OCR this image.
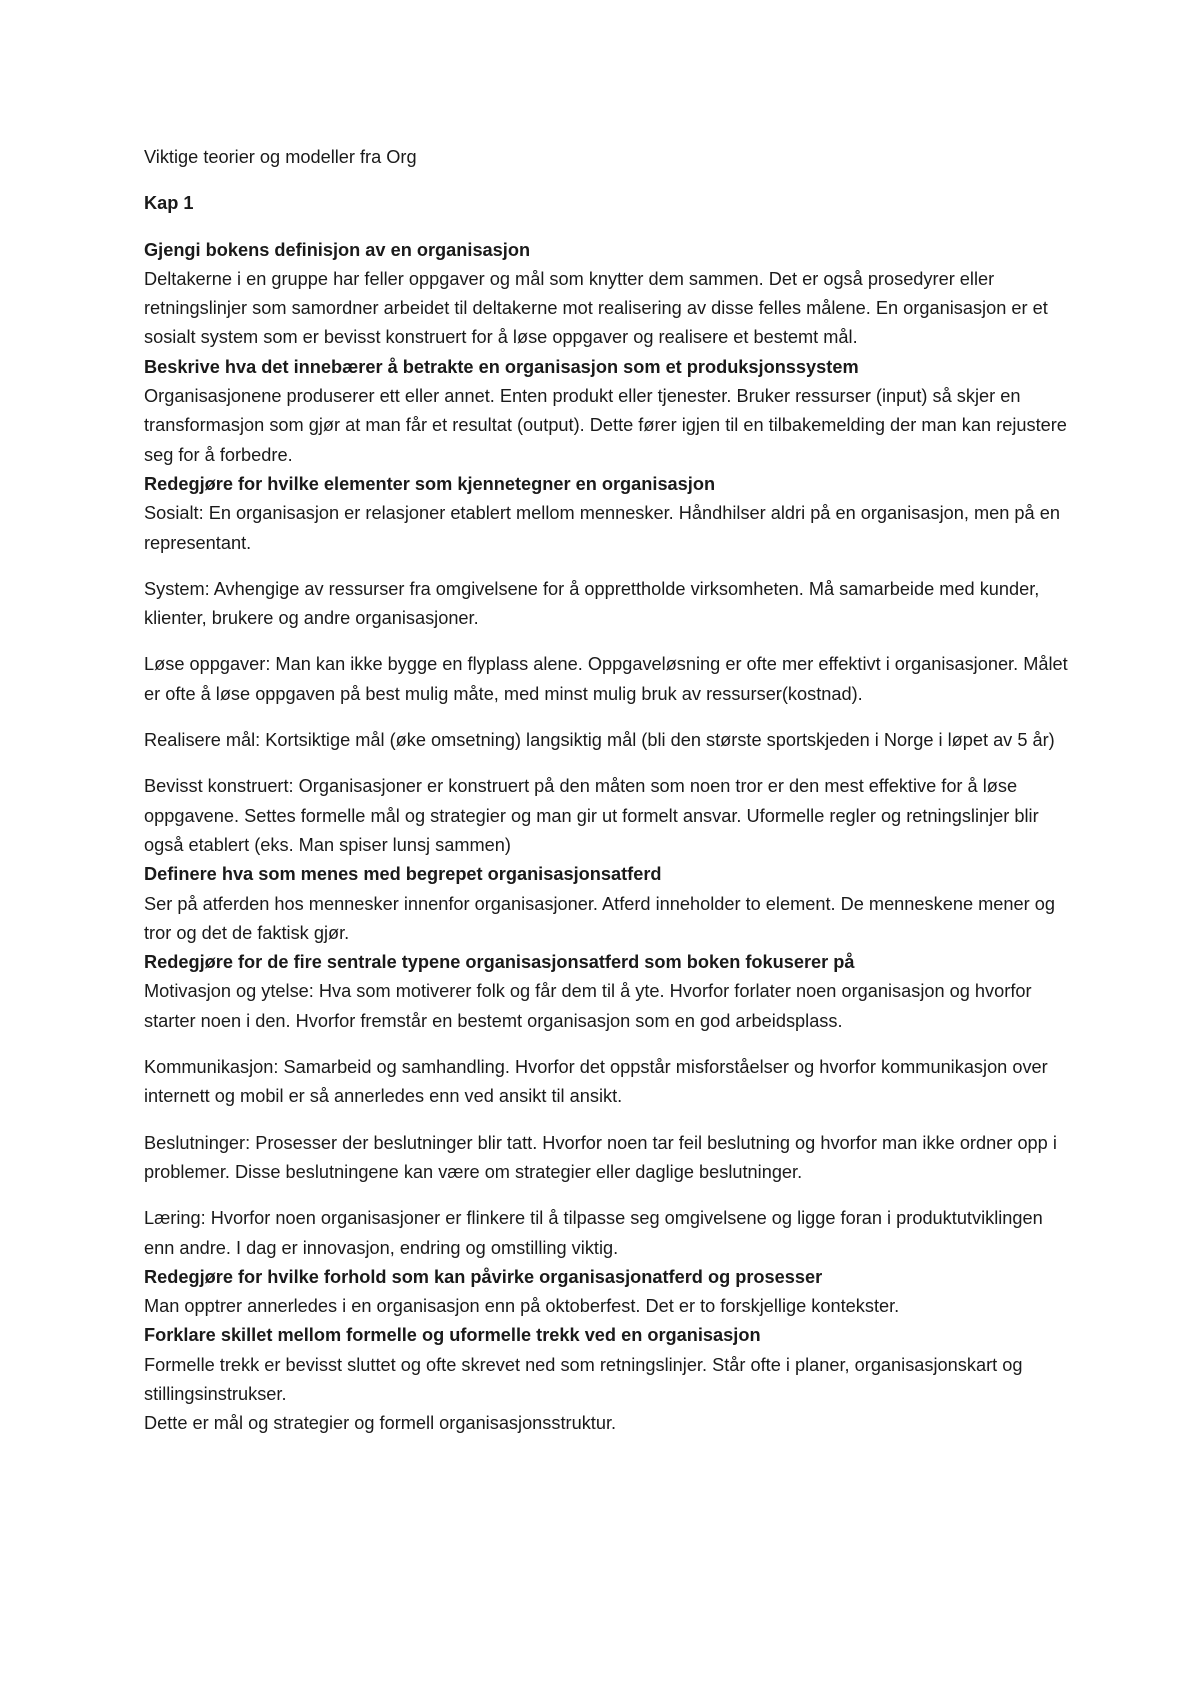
Viktige teorier og modeller fra Org

Kap 1

Gjengi bokens definisjon av en organisasjon

Deltakerne i en gruppe har feller oppgaver og mål som knytter dem sammen. Det er også prosedyrer eller retningslinjer som samordner arbeidet til deltakerne mot realisering av disse felles målene. En organisasjon er et sosialt system som er bevisst konstruert for å løse oppgaver og realisere et bestemt mål.

Beskrive hva det innebærer å betrakte en organisasjon som et produksjonssystem

Organisasjonene produserer ett eller annet. Enten produkt eller tjenester. Bruker ressurser (input) så skjer en transformasjon som gjør at man får et resultat (output). Dette fører igjen til en tilbakemelding der man kan rejustere seg for å forbedre.

Redegjøre for hvilke elementer som kjennetegner en organisasjon

Sosialt: En organisasjon er relasjoner etablert mellom mennesker. Håndhilser aldri på en organisasjon, men på en representant.

System: Avhengige av ressurser fra omgivelsene for å opprettholde virksomheten. Må samarbeide med kunder, klienter, brukere og andre organisasjoner.

Løse oppgaver: Man kan ikke bygge en flyplass alene. Oppgaveløsning er ofte mer effektivt i organisasjoner. Målet er ofte å løse oppgaven på best mulig måte, med minst mulig bruk av ressurser(kostnad).

Realisere mål: Kortsiktige mål (øke omsetning) langsiktig mål (bli den største sportskjeden i Norge i løpet av 5 år)

Bevisst konstruert: Organisasjoner er konstruert på den måten som noen tror er den mest effektive for å løse oppgavene. Settes formelle mål og strategier og man gir ut formelt ansvar. Uformelle regler og retningslinjer blir også etablert (eks. Man spiser lunsj sammen)

Definere hva som menes med begrepet organisasjonsatferd

Ser på atferden hos mennesker innenfor organisasjoner. Atferd inneholder to element. De menneskene mener og tror og det de faktisk gjør.

Redegjøre for de fire sentrale typene organisasjonsatferd som boken fokuserer på

Motivasjon og ytelse: Hva som motiverer folk og får dem til å yte. Hvorfor forlater noen organisasjon og hvorfor starter noen i den. Hvorfor fremstår en bestemt organisasjon som en god arbeidsplass.

Kommunikasjon: Samarbeid og samhandling. Hvorfor det oppstår misforståelser og hvorfor kommunikasjon over internett og mobil er så annerledes enn ved ansikt til ansikt.

Beslutninger: Prosesser der beslutninger blir tatt. Hvorfor noen tar feil beslutning og hvorfor man ikke ordner opp i problemer. Disse beslutningene kan være om strategier eller daglige beslutninger.

Læring: Hvorfor noen organisasjoner er flinkere til å tilpasse seg omgivelsene og ligge foran i produktutviklingen enn andre. I dag er innovasjon, endring og omstilling viktig.

Redegjøre for hvilke forhold som kan påvirke organisasjonatferd og prosesser

Man opptrer annerledes i en organisasjon enn på oktoberfest. Det er to forskjellige kontekster.

Forklare skillet mellom formelle og uformelle trekk ved en organisasjon

Formelle trekk er bevisst sluttet og ofte skrevet ned som retningslinjer. Står ofte i planer, organisasjonskart og stillingsinstrukser.

Dette er mål og strategier og formell organisasjonsstruktur.
